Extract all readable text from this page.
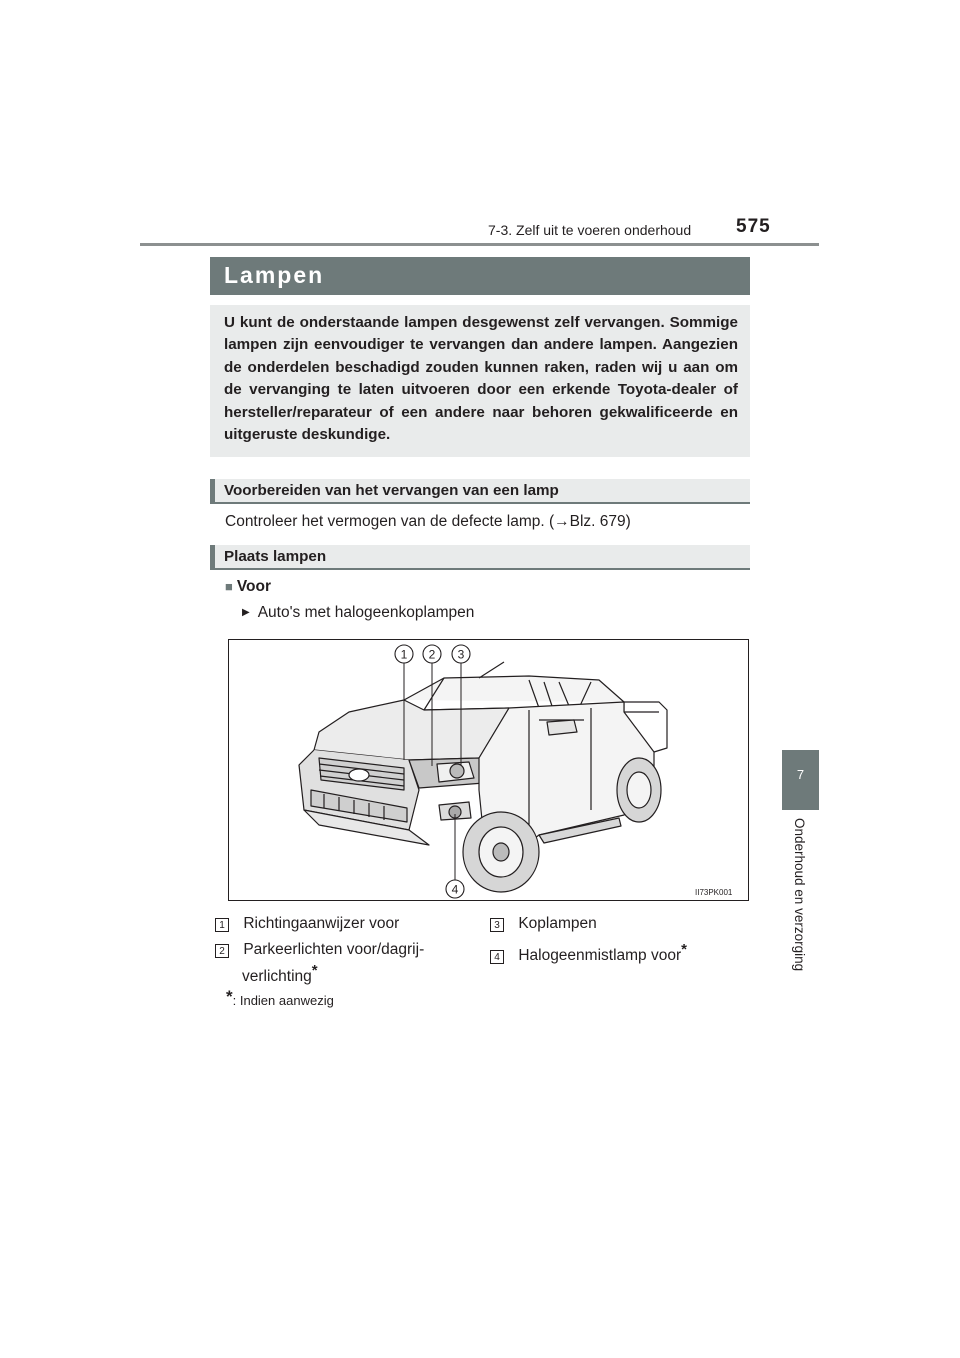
7-3. Zelf uit te voeren onderhoud 575
7
Onderhoud en verzorging
Lampen

U kunt de onderstaande lampen desgewenst zelf vervangen. Sommige lampen zijn eenvoudiger te vervangen dan andere lampen. Aangezien de onderdelen beschadigd zouden kunnen raken, raden wij u aan om de vervanging te laten uitvoeren door een erkende Toyota-dealer of hersteller/reparateur of een andere naar behoren gekwalificeerde en uitgeruste deskundige.

Voorbereiden van het vervangen van een lamp
Controleer het vermogen van de defecte lamp. (→Blz. 679)
Plaats lampen
■ Voor
▶ Auto's met halogeenkoplampen
1 2 3
4	II73PK001
1 Richtingaanwijzer voor
2 Parkeerlichten voor/dagrij-
verlichting*
3 Koplampen
4 Halogeenmistlamp voor*
*: Indien aanwezig
